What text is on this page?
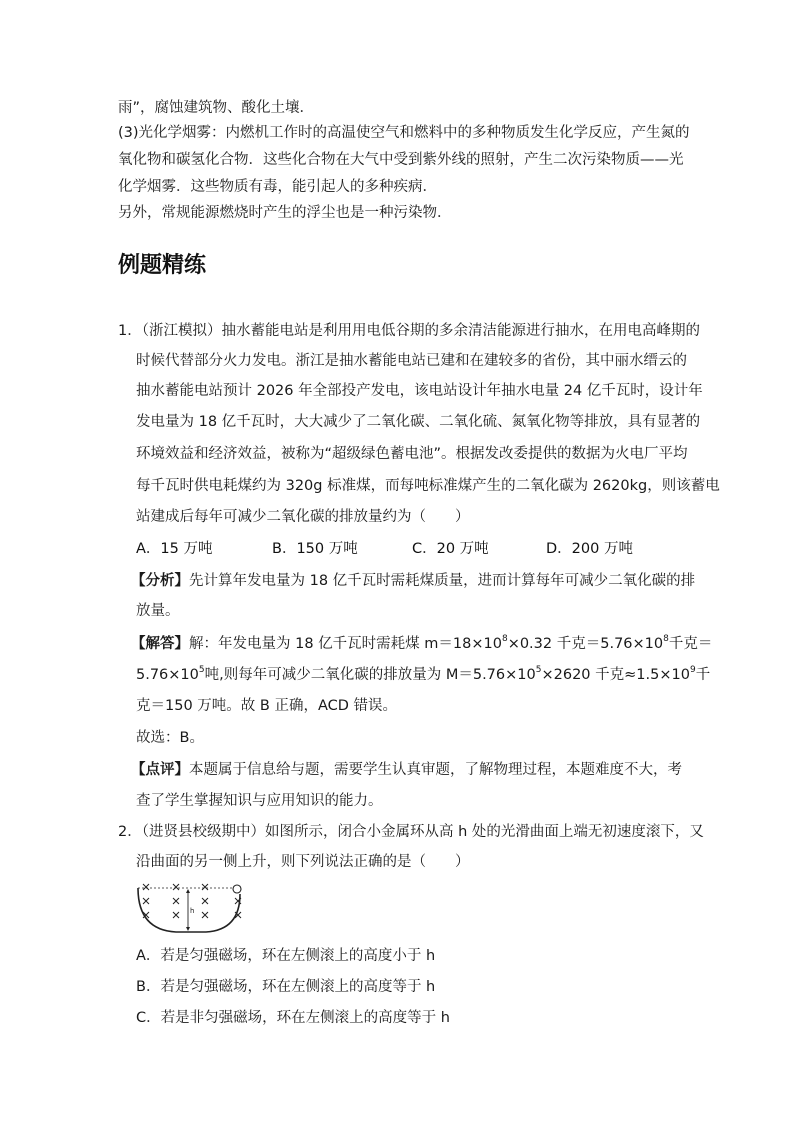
雨”，腐蚀建筑物、酸化土壤．
(3)光化学烟雾：内燃机工作时的高温使空气和燃料中的多种物质发生化学反应，产生氮的
氧化物和碳氢化合物．这些化合物在大气中受到紫外线的照射，产生二次污染物质——光
化学烟雾．这些物质有毒，能引起人的多种疾病．
另外，常规能源燃烧时产生的浮尘也是一种污染物．
例题精练
1．（浙江模拟）抽水蓄能电站是利用用电低谷期的多余清洁能源进行抽水，在用电高峰期的
时候代替部分火力发电。浙江是抽水蓄能电站已建和在建较多的省份，其中丽水缙云的
抽水蓄能电站预计 2026 年全部投产发电，该电站设计年抽水电量 24 亿千瓦时，设计年
发电量为 18 亿千瓦时，大大减少了二氧化碳、二氧化硫、氮氧化物等排放，具有显著的
环境效益和经济效益，被称为“超级绿色蓄电池”。根据发改委提供的数据为火电厂平均
每千瓦时供电耗煤约为 320g 标准煤，而每吨标准煤产生的二氧化碳为 2620kg，则该蓄电
站建成后每年可减少二氧化碳的排放量约为（　　）
A．15 万吨	B．150 万吨	C．20 万吨	D．200 万吨
【分析】先计算年发电量为 18 亿千瓦时需耗煤质量，进而计算每年可减少二氧化碳的排
放量。
【解答】解：年发电量为 18 亿千瓦时需耗煤 $m=18\times 10^8\times 0.32$ 千克$=5.76\times 10^8$千克＝
$5.76\times 10^5$吨,则每年可减少二氧化碳的排放量为 $M=5.76\times 10^5\times 2620$ 千克$\approx 1.5\times 10^9$千
克＝150 万吨。故 B 正确，ACD 错误。
故选：B。
【点评】本题属于信息给与题，需要学生认真审题，了解物理过程，本题难度不大，考
查了学生掌握知识与应用知识的能力。
2．（进贤县校级期中）如图所示，闭合小金属环从高 h 处的光滑曲面上端无初速度滚下，又
沿曲面的另一侧上升，则下列说法正确的是（　　）
h
A．若是匀强磁场，环在左侧滚上的高度小于 h
B．若是匀强磁场，环在左侧滚上的高度等于 h
C．若是非匀强磁场，环在左侧滚上的高度等于 h
